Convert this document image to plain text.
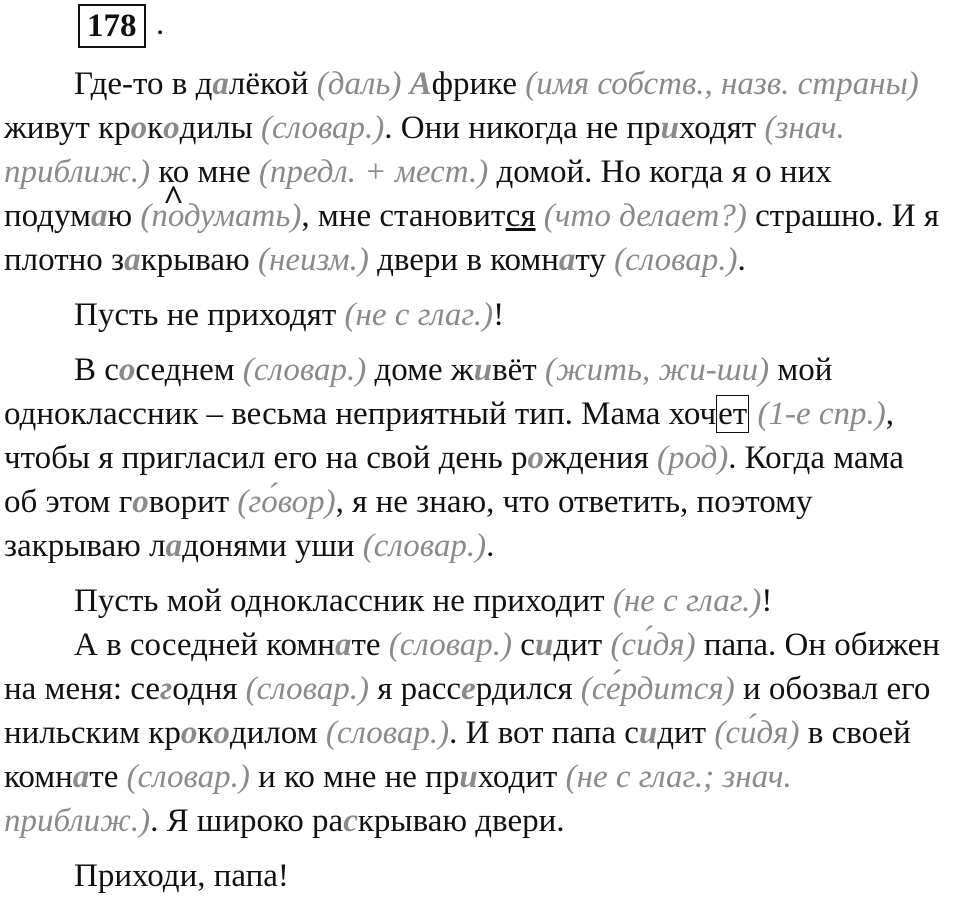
178 .

Где-то в далёкой (даль) Африке (имя собств., назв. страны) живут крокодилы (словар.). Они никогда не приходят (знач. приближ.) ко мне (предл. + мест.) домой. Но когда я о них подум^ аю (подумать), мне становится (что делает?) страшно. И я плотно закрываю (неизм.) двери в комнату (словар.).

Пусть не приходят (не с глаг.)!

В соседнем (словар.) доме живёт (жить, жи-ши) мой одноклассник – весьма неприятный тип. Мама хочет (1-е спр.), чтобы я пригласил его на свой день рождения (род). Когда мама об этом говорит (го́вор), я не знаю, что ответить, поэтому закрываю ладонями уши (словар.).

Пусть мой одноклассник не приходит (не с глаг.)!

А в соседней комнате (словар.) сидит (си́дя) папа. Он обижен на меня: сегодня (словар.) я рассердился (се́рдится) и обозвал его нильским крокодилом (словар.). И вот папа сидит (си́дя) в своей комнате (словар.) и ко мне не приходит (не с глаг.; знач. приближ.). Я широко раскрываю двери.

Приходи, папа!
